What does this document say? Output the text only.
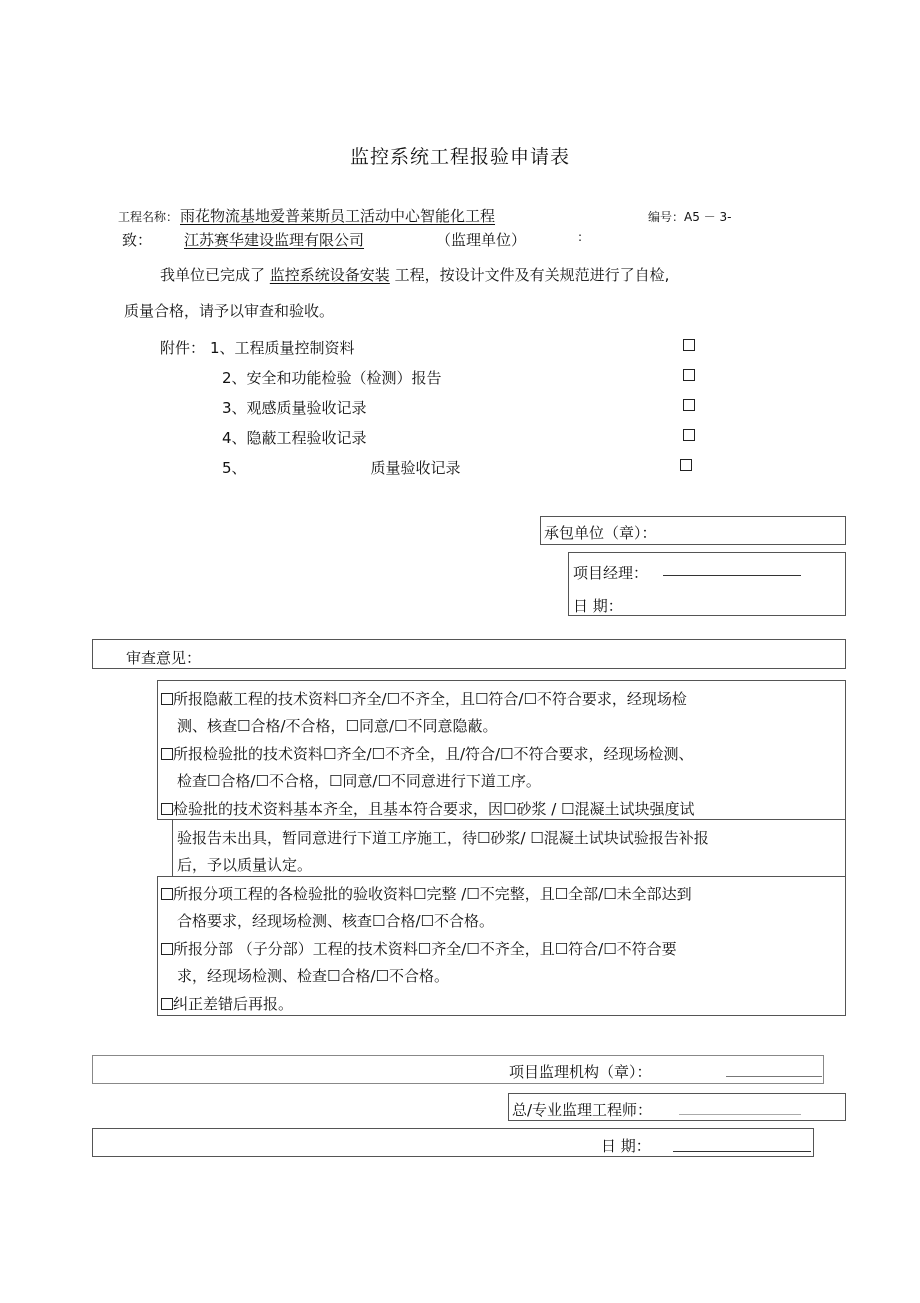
监控系统工程报验申请表
工程名称： 雨花物流基地爱普莱斯员工活动中心智能化工程	编号：A5 － 3-
致： 江苏赛华建设监理有限公司	（监理单位）	:
我单位已完成了 监控系统设备安装 工程，按设计文件及有关规范进行了自检,
质量合格，请予以审查和验收。
附件： 1、工程质量控制资料
2、安全和功能检验（检测）报告
3、观感质量验收记录
4、隐蔽工程验收记录
5、	质量验收记录
承包单位（章）：
项目经理：
日 期：
审查意见：
所报隐蔽工程的技术资料☐齐全/☐不齐全，且☐符合/☐不符合要求，经现场检
测、核查☐合格/不合格，☐同意/☐不同意隐蔽。
所报检验批的技术资料☐齐全/☐不齐全，且/符合/☐不符合要求，经现场检测、
检查☐合格/☐不合格，☐同意/☐不同意进行下道工序。
检验批的技术资料基本齐全，且基本符合要求，因☐砂浆 / ☐混凝土试块强度试
验报告未出具，暂同意进行下道工序施工，待☐砂浆/ ☐混凝土试块试验报告补报
后，予以质量认定。
所报分项工程的各检验批的验收资料☐完整 /☐不完整，且☐全部/☐未全部达到
合格要求，经现场检测、核查☐合格/☐不合格。
所报分部 （子分部）工程的技术资料☐齐全/☐不齐全，且☐符合/☐不符合要
求，经现场检测、检查☐合格/☐不合格。
纠正差错后再报。
项目监理机构（章）：
总/专业监理工程师：
日 期：
